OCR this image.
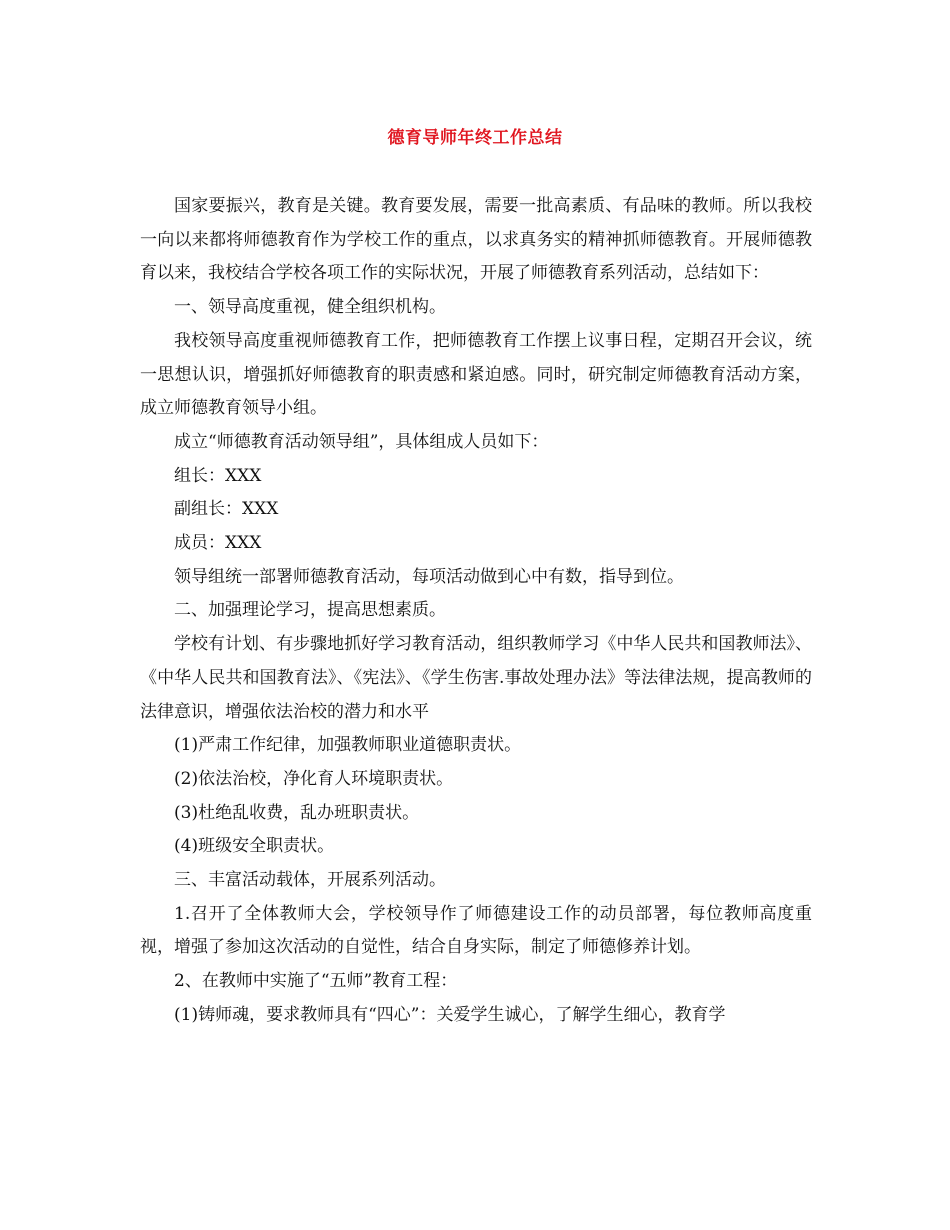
德育导师年终工作总结

国家要振兴，教育是关键。教育要发展，需要一批高素质、有品味的教师。所以我校一向以来都将师德教育作为学校工作的重点，以求真务实的精神抓师德教育。开展师德教育以来，我校结合学校各项工作的实际状况，开展了师德教育系列活动，总结如下：

一、领导高度重视，健全组织机构。

我校领导高度重视师德教育工作，把师德教育工作摆上议事日程，定期召开会议，统一思想认识，增强抓好师德教育的职责感和紧迫感。同时，研究制定师德教育活动方案，成立师德教育领导小组。

成立“师德教育活动领导组”，具体组成人员如下：

组长：XXX

副组长：XXX

成员：XXX

领导组统一部署师德教育活动，每项活动做到心中有数，指导到位。

二、加强理论学习，提高思想素质。

学校有计划、有步骤地抓好学习教育活动，组织教师学习《中华人民共和国教师法》、《中华人民共和国教育法》、《宪法》、《学生伤害.事故处理办法》等法律法规，提高教师的法律意识，增强依法治校的潜力和水平

(1)严肃工作纪律，加强教师职业道德职责状。

(2)依法治校，净化育人环境职责状。

(3)杜绝乱收费，乱办班职责状。

(4)班级安全职责状。

三、丰富活动载体，开展系列活动。

1.召开了全体教师大会，学校领导作了师德建设工作的动员部署，每位教师高度重视，增强了参加这次活动的自觉性，结合自身实际，制定了师德修养计划。

2、在教师中实施了“五师”教育工程：

(1)铸师魂，要求教师具有“四心”：关爱学生诚心，了解学生细心，教育学
